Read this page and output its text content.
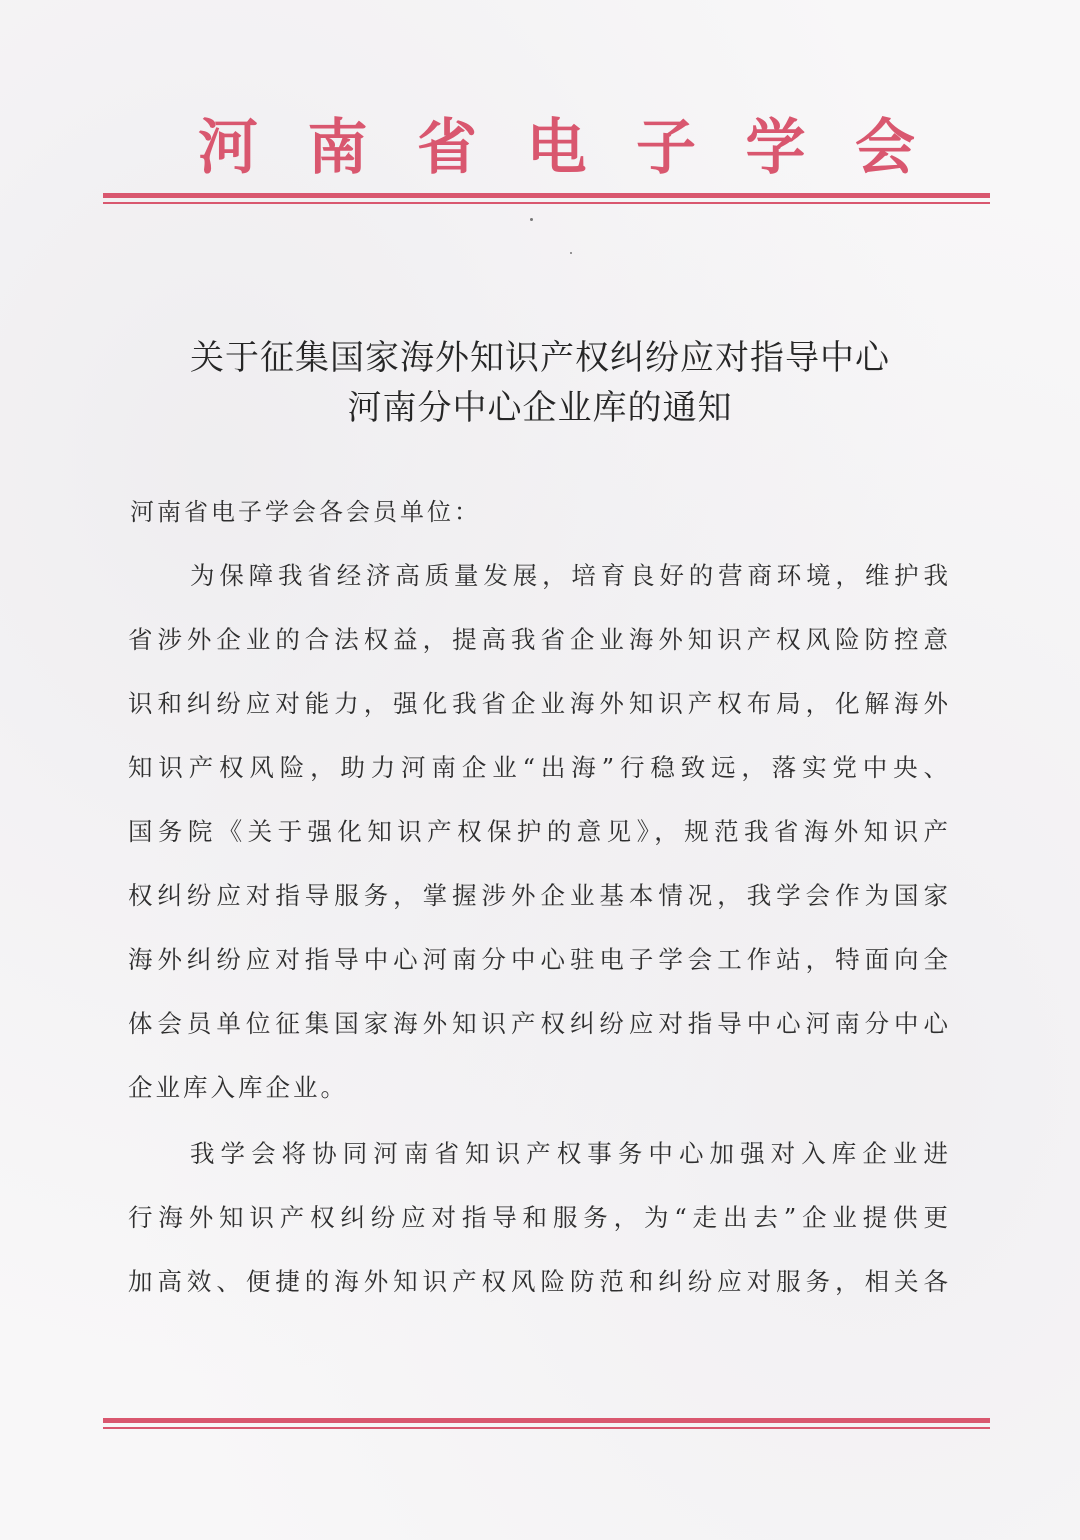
河 南 省 电 子 学 会
关于征集国家海外知识产权纠纷应对指导中心
河南分中心企业库的通知
河南省电子学会各会员单位：
为保障我省经济高质量发展，培育良好的营商环境，维护我
省涉外企业的合法权益，提高我省企业海外知识产权风险防控意
识和纠纷应对能力，强化我省企业海外知识产权布局，化解海外
知识产权风险，助力河南企业“出海”行稳致远，落实党中央、
国务院《关于强化知识产权保护的意见》，规范我省海外知识产
权纠纷应对指导服务，掌握涉外企业基本情况，我学会作为国家
海外纠纷应对指导中心河南分中心驻电子学会工作站，特面向全
体会员单位征集国家海外知识产权纠纷应对指导中心河南分中心
企业库入库企业。
我学会将协同河南省知识产权事务中心加强对入库企业进
行海外知识产权纠纷应对指导和服务，为“走出去”企业提供更
加高效、便捷的海外知识产权风险防范和纠纷应对服务，相关各
